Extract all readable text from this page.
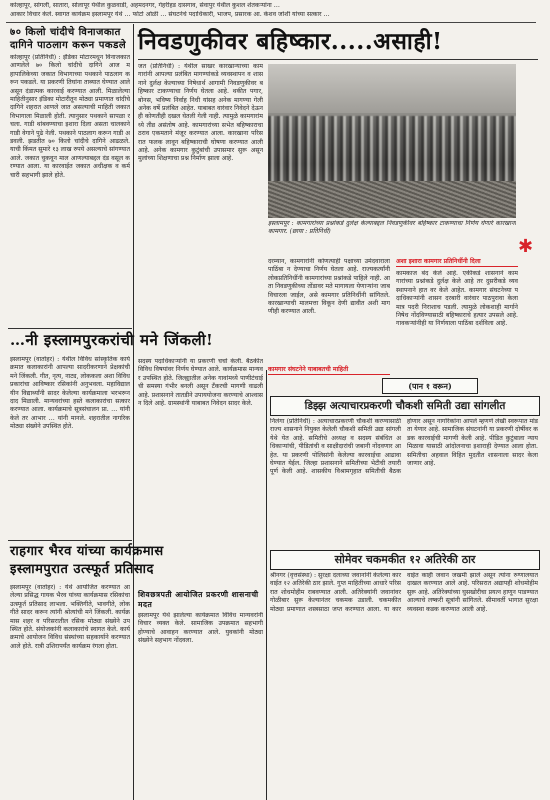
कोल्हापूर, सांगली, सातारा, सोलापूर येथील कुळवाडी, अहमदनगर, गेहरीहड दासगाव, सेवापुर येथील कुशल शेतकऱ्यांना …
आकार विचार केले. स्वागत कार्यक्रम इस्लामपूर येथे … फोटो ओळी … संघटनेचे पदाधिकारी, भाजप, प्रसारक आ. केशव जोशी यांच्या सत्कार …
७० किलो चांदीचे विनाजकात दागिने पाठलाग करून पकडले
कोल्हापूर (प्रतिनिधी) : इंडिका मोटारमधून विनाजकात आणलेले ७० किलो चांदीचे दागिने आज महापालिकेच्या जकात विभागाच्या पथकाने पाठलाग करून पकडले. या प्रकरणी तिघांना ताब्यात घेण्यात आले असून दंडात्मक कारवाई करण्यात आली. मिळालेल्या माहितीनुसार इंडिका मोटारीतून मोठ्या प्रमाणात चांदीचे दागिने शहरात आणले जात असल्याची माहिती जकात विभागाला मिळाली होती. त्यानुसार पथकाने सापळा रचला. गाडी थांबवण्याचा इशारा दिला असता चालकाने गाडी वेगाने पुढे नेली. पथकाने पाठलाग करून गाडी अडवली. झडतीत ७० किलो चांदीचे दागिने आढळले. याची किंमत सुमारे १३ लाख रुपये असल्याचे सांगण्यात आले. जकात चुकवून माल आणल्याबद्दल दंड वसूल करण्यात आला. या कारवाईत जकात अधीक्षक व कर्मचारी सहभागी झाले होते.
…नी इस्लामपुरकरांची मने जिंकली!
इस्लामपूर (वार्ताहर) : येथील विविध सांस्कृतिक कार्यक्रमात कलाकारांनी आपल्या सादरीकरणाने प्रेक्षकांची मने जिंकली. गीत, नृत्य, नाट्य, लोककला अशा विविध प्रकारांचा आविष्कार रसिकांनी अनुभवला. महाविद्यालयीन विद्यार्थ्यांनी सादर केलेल्या कार्यक्रमाला भरभरून दाद मिळाली. मान्यवरांच्या हस्ते कलाकारांचा सत्कार करण्यात आला. कार्यक्रमाचे सूत्रसंचालन प्रा. … यांनी केले तर आभार … यांनी मानले. शहरातील नागरिक मोठ्या संख्येने उपस्थित होते.
राहगार भैरव यांच्या कार्यक्रमास
इस्लामपुरात उत्स्फूर्त प्रतिसाद
इस्लामपूर (वार्ताहर) : येथे आयोजित करण्यात आलेल्या प्रसिद्ध गायक भैरव यांच्या कार्यक्रमास रसिकांचा उत्स्फूर्त प्रतिसाद लाभला. भक्तिगीते, भावगीते, लोकगीते सादर करून त्यांनी श्रोत्यांची मने जिंकली. कार्यक्रमास शहर व परिसरातील रसिक मोठ्या संख्येने उपस्थित होते. संयोजकांनी कलाकारांचे स्वागत केले. कार्यक्रमाचे आयोजन विविध संस्थांच्या सहकार्याने करण्यात आले होते. रात्री उशिरापर्यंत कार्यक्रम रंगला होता.
निवडणुकीवर बहिष्कार.....असाही!
जत (प्रतिनिधी) : येथील साखर कारखान्याच्या कामगारांनी आपल्या प्रलंबित मागण्यांकडे व्यवस्थापन व शासनाने दुर्लक्ष केल्याच्या निषेधार्थ आगामी निवडणुकीवर बहिष्कार टाकण्याचा निर्णय घेतला आहे. थकीत पगार, बोनस, भविष्य निर्वाह निधी यांसह अनेक मागण्या गेली अनेक वर्षे प्रलंबित आहेत. याबाबत वारंवार निवेदने देऊनही कोणतीही दखल घेतली गेली नाही. त्यामुळे कामगारांमध्ये तीव्र असंतोष आहे. कामगारांच्या सभेत बहिष्काराचा ठराव एकमताने मंजूर करण्यात आला. कारखाना परिसरात फलक लावून बहिष्काराची घोषणा करण्यात आली आहे. अनेक कामगार कुटुंबांची उपासमार सुरू असून मुलांच्या शिक्षणाचा प्रश्न निर्माण झाला आहे.
इस्लामपूर : कामगारांच्या प्रश्नांकडे दुर्लक्ष केल्याबद्दल निवडणुकीवर बहिष्कार टाकण्याचा निर्णय घेणारे कारखाना कामगार. (छाया : प्रतिनिधी)
✱
दरम्यान, कामगारांनी कोणत्याही पक्षाच्या उमेदवाराला पाठिंबा न देण्याचा निर्णय घेतला आहे. राज्यकर्त्यांनी लोकप्रतिनिधींनी कामगारांच्या प्रश्नांकडे पाहिले नाही. आता निवडणुकीच्या तोंडावर मते मागायला येणाऱ्यांना जाब विचारला जाईल, असे कामगार प्रतिनिधींनी सांगितले. कारखान्याची मालमत्ता विकून देणी द्यावीत अशी मागणीही करण्यात आली.
कामगार संघटनेने याबाबतची माहिती
अशा इशारा कामगार प्रतिनिधींनी दिला
कामकाज बंद केले आहे. एकीकडे शासनाने कामगारांच्या प्रश्नांकडे दुर्लक्ष केले आहे तर दुसरीकडे व्यवस्थापनाने हात वर केले आहेत. कामगार संघटनेच्या पदाधिकाऱ्यांनी शासन दरबारी वारंवार पाठपुरावा केला मात्र पदरी निराशाच पडली. त्यामुळे लोकशाही मार्गाने निषेध नोंदविण्यासाठी बहिष्काराचे हत्यार उपसले आहे. गावकऱ्यांनीही या निर्णयाला पाठिंबा दर्शविला आहे.
(पान १ वरून)
सदस्य पदाधिकाऱ्यांनी या प्रकरणी चर्चा केली. बैठकीत विविध विषयांवर निर्णय घेण्यात आले. कार्यक्रमास मान्यवर उपस्थित होते. जिल्ह्यातील अनेक गावांमध्ये पाणीटंचाईची समस्या गंभीर बनली असून टँकरची मागणी वाढली आहे. प्रशासनाने तातडीने उपाययोजना करण्याचे आश्वासन दिले आहे. ग्रामस्थांनी याबाबत निवेदन सादर केले.
शिवछत्रपती आयोजित प्रकरणी शासनाची मदत
इस्लामपूर येथे झालेल्या कार्यक्रमात विविध मान्यवरांनी विचार व्यक्त केले. सामाजिक उपक्रमात सहभागी होण्याचे आवाहन करण्यात आले. युवकांनी मोठ्या संख्येने सहभाग नोंदवला.
डिझ्झ अत्याचारप्रकरणी चौकशी समिती उद्या सांगलीत
निलंगा (प्रतिनिधी) : अत्याचारप्रकरणी चौकशी करण्यासाठी राज्य शासनाने नियुक्त केलेली चौकशी समिती उद्या सांगली येथे येत आहे. समितीचे अध्यक्ष व सदस्य संबंधित अधिकाऱ्यांची, पीडितांची व साक्षीदारांची जबानी नोंदवणार आहेत. या प्रकरणी पोलिसांनी केलेल्या कारवाईचा आढावा घेण्यात येईल. जिल्हा प्रशासनाने समितीच्या भेटीची तयारी पूर्ण केली आहे. शासकीय विश्रामगृहात समितीची बैठक होणार असून नागरिकांना आपले म्हणणे लेखी स्वरूपात मांडता येणार आहे. सामाजिक संघटनांनी या प्रकरणी दोषींवर कडक कारवाईची मागणी केली आहे. पीडित कुटुंबाला न्याय मिळावा यासाठी आंदोलनाचा इशाराही देण्यात आला होता. समितीचा अहवाल विहित मुदतीत शासनाला सादर केला जाणार आहे.
सोमेवर चकमकीत १२ अतिरेकी ठार
श्रीनगर (वृत्तसंस्था) : सुरक्षा दलाच्या जवानांनी केलेल्या कारवाईत १२ अतिरेकी ठार झाले. गुप्त माहितीच्या आधारे परिसरात शोधमोहीम राबवण्यात आली. अतिरेक्यांनी जवानांवर गोळीबार सुरू केल्यानंतर चकमक उडाली. चकमकीत मोठ्या प्रमाणात शस्त्रसाठा जप्त करण्यात आला. या कारवाईत काही जवान जखमी झाले असून त्यांना रुग्णालयात दाखल करण्यात आले आहे. परिसरात अद्यापही शोधमोहीम सुरू आहे. अतिरेक्यांच्या घुसखोरीचा प्रयत्न हाणून पाडण्यात आल्याचे लष्करी सूत्रांनी सांगितले. सीमावर्ती भागात सुरक्षा व्यवस्था कडक करण्यात आली आहे.
